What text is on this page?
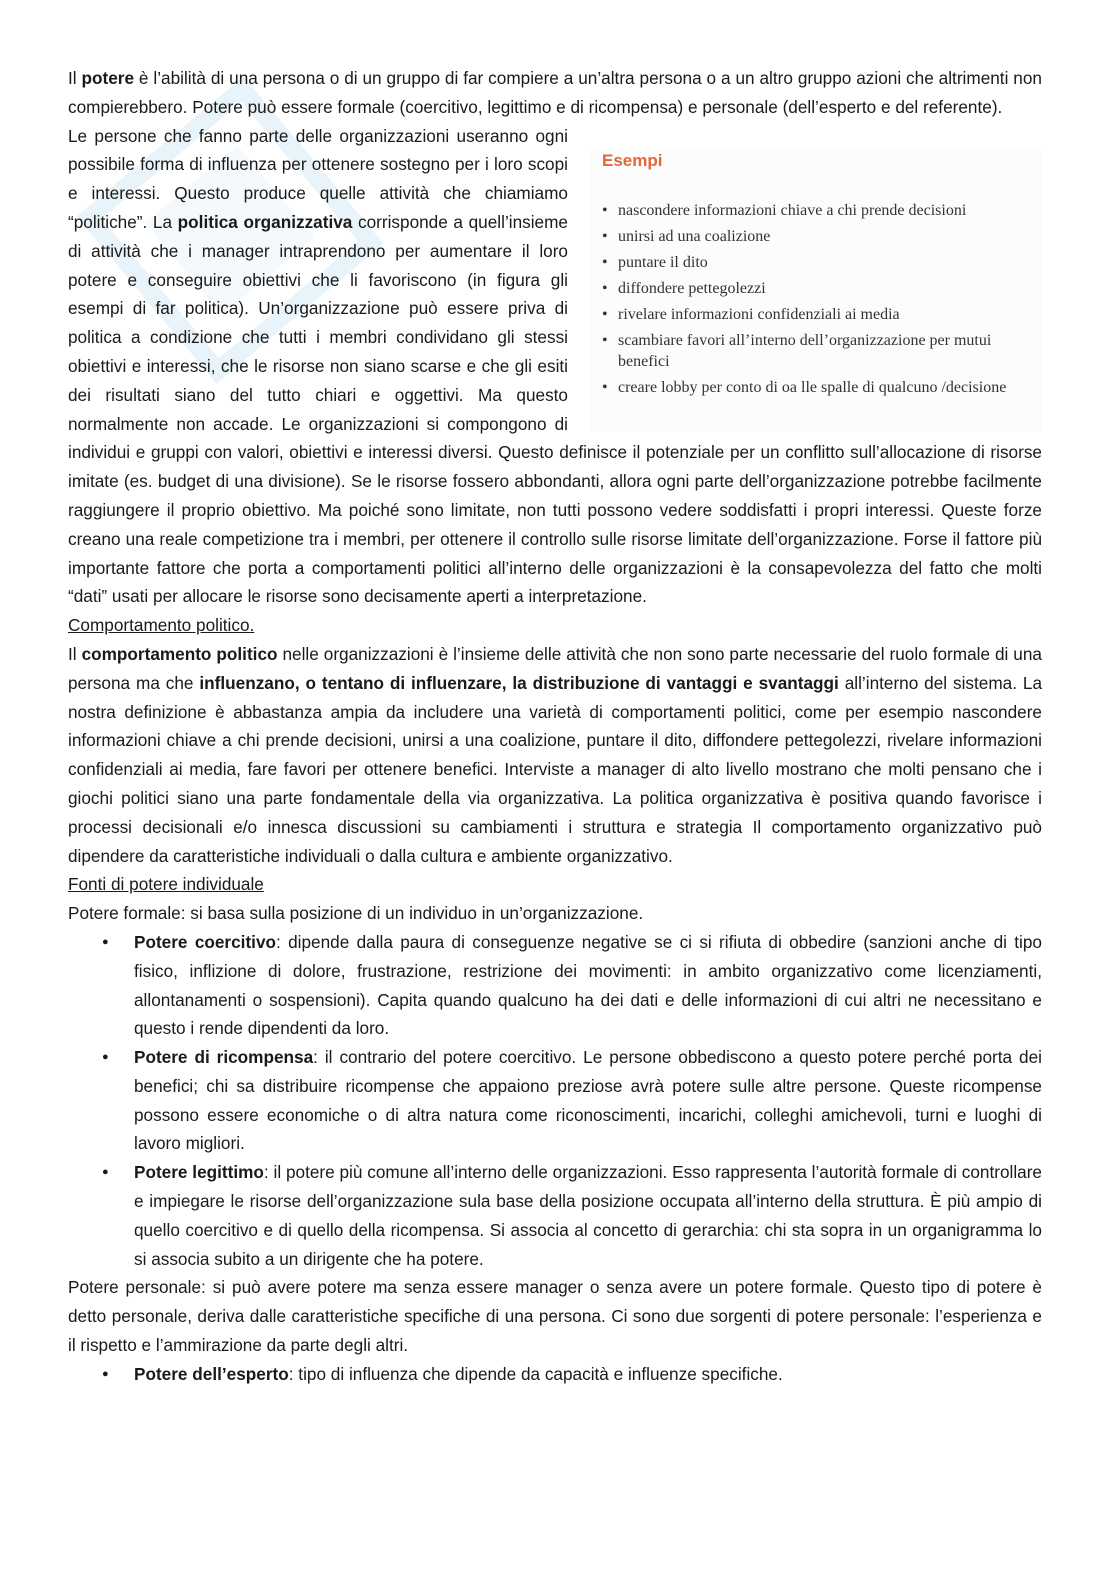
Il potere è l’abilità di una persona o di un gruppo di far compiere a un’altra persona o a un altro gruppo azioni che altrimenti non compierebbero. Potere può essere formale (coercitivo, legittimo e di ricompensa) e personale (dell’esperto e del referente).

Esempi
• nascondere informazioni chiave a chi prende decisioni
• unirsi ad una coalizione
• puntare il dito
• diffondere pettegolezzi
• rivelare informazioni confidenziali ai media
• scambiare favori all’interno dell’organizzazione per mutui benefici
• creare lobby per conto di oa lle spalle di qualcuno /decisione

Le persone che fanno parte delle organizzazioni useranno ogni possibile forma di influenza per ottenere sostegno per i loro scopi e interessi. Questo produce quelle attività che chiamiamo “politiche”. La politica organizzativa corrisponde a quell’insieme di attività che i manager intraprendono per aumentare il loro potere e conseguire obiettivi che li favoriscono (in figura gli esempi di far politica). Un’organizzazione può essere priva di politica a condizione che tutti i membri condividano gli stessi obiettivi e interessi, che le risorse non siano scarse e che gli esiti dei risultati siano del tutto chiari e oggettivi. Ma questo normalmente non accade. Le organizzazioni si compongono di individui e gruppi con valori, obiettivi e interessi diversi. Questo definisce il potenziale per un conflitto sull’allocazione di risorse imitate (es. budget di una divisione). Se le risorse fossero abbondanti, allora ogni parte dell’organizzazione potrebbe facilmente raggiungere il proprio obiettivo. Ma poiché sono limitate, non tutti possono vedere soddisfatti i propri interessi. Queste forze creano una reale competizione tra i membri, per ottenere il controllo sulle risorse limitate dell’organizzazione. Forse il fattore più importante fattore che porta a comportamenti politici all’interno delle organizzazioni è la consapevolezza del fatto che molti “dati” usati per allocare le risorse sono decisamente aperti a interpretazione.

Comportamento politico.

Il comportamento politico nelle organizzazioni è l’insieme delle attività che non sono parte necessarie del ruolo formale di una persona ma che influenzano, o tentano di influenzare, la distribuzione di vantaggi e svantaggi all’interno del sistema. La nostra definizione è abbastanza ampia da includere una varietà di comportamenti politici, come per esempio nascondere informazioni chiave a chi prende decisioni, unirsi a una coalizione, puntare il dito, diffondere pettegolezzi, rivelare informazioni confidenziali ai media, fare favori per ottenere benefici. Interviste a manager di alto livello mostrano che molti pensano che i giochi politici siano una parte fondamentale della via organizzativa. La politica organizzativa è positiva quando favorisce i processi decisionali e/o innesca discussioni su cambiamenti i struttura e strategia Il comportamento organizzativo può dipendere da caratteristiche individuali o dalla cultura e ambiente organizzativo.

Fonti di potere individuale

Potere formale: si basa sulla posizione di un individuo in un’organizzazione.

● Potere coercitivo: dipende dalla paura di conseguenze negative se ci si rifiuta di obbedire (sanzioni anche di tipo fisico, inflizione di dolore, frustrazione, restrizione dei movimenti: in ambito organizzativo come licenziamenti, allontanamenti o sospensioni). Capita quando qualcuno ha dei dati e delle informazioni di cui altri ne necessitano e questo i rende dipendenti da loro.
● Potere di ricompensa: il contrario del potere coercitivo. Le persone obbediscono a questo potere perché porta dei benefici; chi sa distribuire ricompense che appaiono preziose avrà potere sulle altre persone. Queste ricompense possono essere economiche o di altra natura come riconoscimenti, incarichi, colleghi amichevoli, turni e luoghi di lavoro migliori.
● Potere legittimo: il potere più comune all’interno delle organizzazioni. Esso rappresenta l’autorità formale di controllare e impiegare le risorse dell’organizzazione sula base della posizione occupata all’interno della struttura. È più ampio di quello coercitivo e di quello della ricompensa. Si associa al concetto di gerarchia: chi sta sopra in un organigramma lo si associa subito a un dirigente che ha potere.

Potere personale: si può avere potere ma senza essere manager o senza avere un potere formale. Questo tipo di potere è detto personale, deriva dalle caratteristiche specifiche di una persona. Ci sono due sorgenti di potere personale: l’esperienza e il rispetto e l’ammirazione da parte degli altri.

● Potere dell’esperto: tipo di influenza che dipende da capacità e influenze specifiche.
